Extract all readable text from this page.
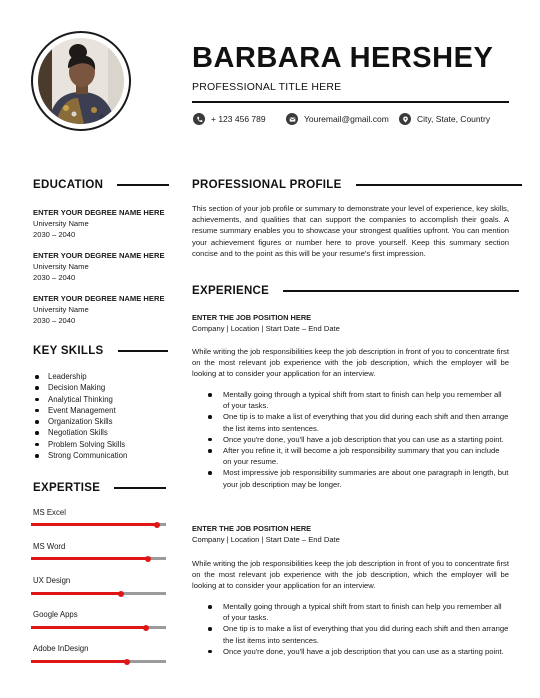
BARBARA HERSHEY
PROFESSIONAL TITLE HERE
+ 123 456 789	Youremail@gmail.com	City, State, Country
EDUCATION
ENTER YOUR DEGREE NAME HERE
University Name
2030 – 2040
ENTER YOUR DEGREE NAME HERE
University Name
2030 – 2040
ENTER YOUR DEGREE NAME HERE
University Name
2030 – 2040
KEY SKILLS
Leadership
Decision Making
Analytical Thinking
Event Management
Organization Skills
Negotiation Skills
Problem Solving Skills
Strong Communication
EXPERTISE
MS Excel
MS Word
UX Design
Google Apps
Adobe InDesign
PROFESSIONAL PROFILE
This section of your job profile or summary to demonstrate your level of experience, key skills, achievements, and qualities that can support the companies to accomplish their goals. A resume summary enables you to showcase your strongest qualities upfront. You can mention your achievement figures or number here to prove yourself. Keep this summary section concise and to the point as this will be your resume's first impression.
EXPERIENCE
ENTER THE JOB POSITION HERE
Company | Location | Start Date – End Date
While writing the job responsibilities keep the job description in front of you to concentrate first on the most relevant job experience with the job description, which the employer will be looking at to consider your application for an interview.
Mentally going through a typical shift from start to finish can help you remember all of your tasks.
One tip is to make a list of everything that you did during each shift and then arrange the list items into sentences.
Once you're done, you'll have a job description that you can use as a starting point.
After you refine it, it will become a job responsibility summary that you can include on your resume.
Most impressive job responsibility summaries are about one paragraph in length, but your job description may be longer.
ENTER THE JOB POSITION HERE
Company | Location | Start Date – End Date
While writing the job responsibilities keep the job description in front of you to concentrate first on the most relevant job experience with the job description, which the employer will be looking at to consider your application for an interview.
Mentally going through a typical shift from start to finish can help you remember all of your tasks.
One tip is to make a list of everything that you did during each shift and then arrange the list items into sentences.
Once you're done, you'll have a job description that you can use as a starting point.
